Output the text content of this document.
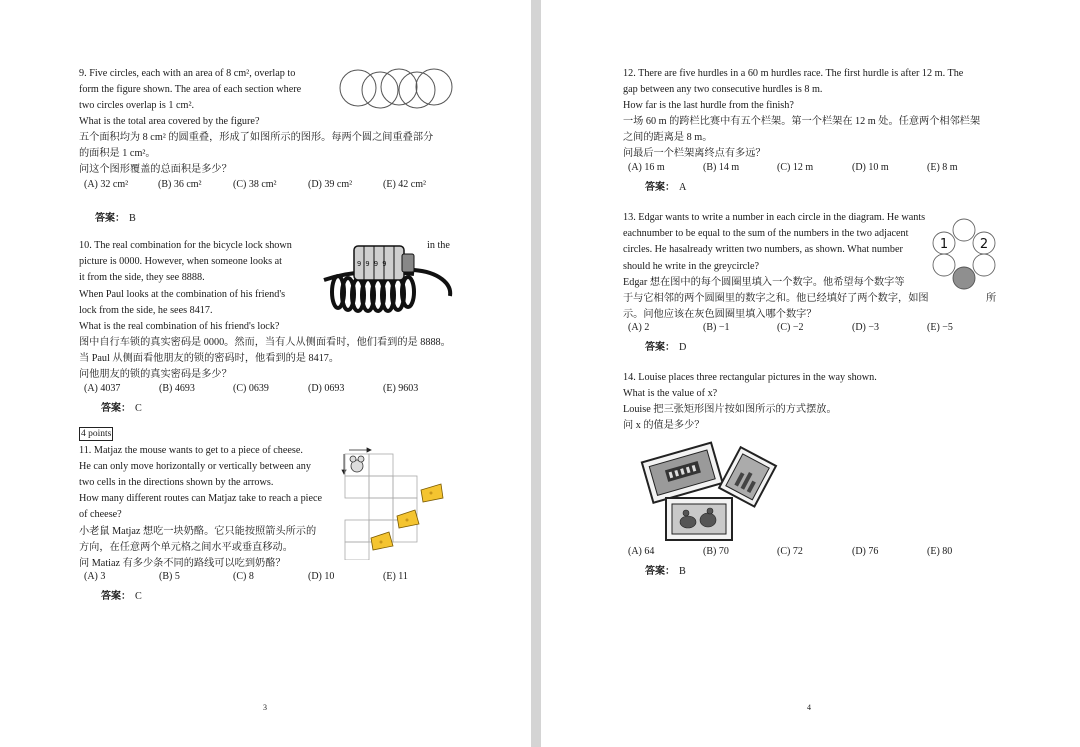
9. Five circles, each with an area of 8 cm², overlap to
form the figure shown. The area of each section where
two circles overlap is 1 cm².
What is the total area covered by the figure?
五个面积均为 8 cm² 的圆重叠，形成了如图所示的图形。每两个圆之间重叠部分
的面积是 1 cm²。
问这个图形覆盖的总面积是多少？
(A) 32 cm²	(B) 36 cm²	(C) 38 cm²	(D) 39 cm²	(E) 42 cm²
答案： B
10. The real combination for the bicycle lock shown	in the
picture is 0000. However, when someone looks at
it from the side, they see 8888.
When Paul looks at the combination of his friend's
lock from the side, he sees 8417.
What is the real combination of his friend's lock?
图中自行车锁的真实密码是 0000。然而，当有人从侧面看时，他们看到的是 8888。
当 Paul 从侧面看他朋友的锁的密码时，他看到的是 8417。
问他朋友的锁的真实密码是多少？
9 9 9 9
(A) 4037	(B) 4693	(C) 0639	(D) 0693	(E) 9603
答案： C
4 points
11. Matjaz the mouse wants to get to a piece of cheese.
He can only move horizontally or vertically between any
two cells in the directions shown by the arrows.
How many different routes can Matjaz take to reach a piece
of cheese?
小老鼠 Matjaz 想吃一块奶酪。它只能按照箭头所示的
方向，在任意两个单元格之间水平或垂直移动。
问 Matiaz 有多少条不同的路线可以吃到奶酪？
(A) 3	(B) 5	(C) 8	(D) 10	(E) 11
答案： C
3
12. There are five hurdles in a 60 m hurdles race. The first hurdle is after 12 m. The
gap between any two consecutive hurdles is 8 m.
How far is the last hurdle from the finish?
一场 60 m 的跨栏比赛中有五个栏架。第一个栏架在 12 m 处。任意两个相邻栏架
之间的距离是 8 m。
问最后一个栏架离终点有多远？
(A) 16 m	(B) 14 m	(C) 12 m	(D) 10 m	(E) 8 m
答案： A
13. Edgar wants to write a number in each circle in the diagram. He wants
eachnumber to be equal to the sum of the numbers in the two adjacent
circles. He hasalready written two numbers, as shown. What number
should he write in the greycircle?
Edgar 想在图中的每个圆圈里填入一个数字。他希望每个数字等
于与它相邻的两个圆圈里的数字之和。他已经填好了两个数字，如图	所
示。问他应该在灰色圆圈里填入哪个数字？
1 2
(A) 2	(B) −1	(C) −2	(D) −3	(E) −5
答案： D
14. Louise places three rectangular pictures in the way shown.
What is the value of x?
Louise 把三张矩形图片按如图所示的方式摆放。
问 x 的值是多少？
(A) 64	(B) 70	(C) 72	(D) 76	(E) 80
答案： B
4
